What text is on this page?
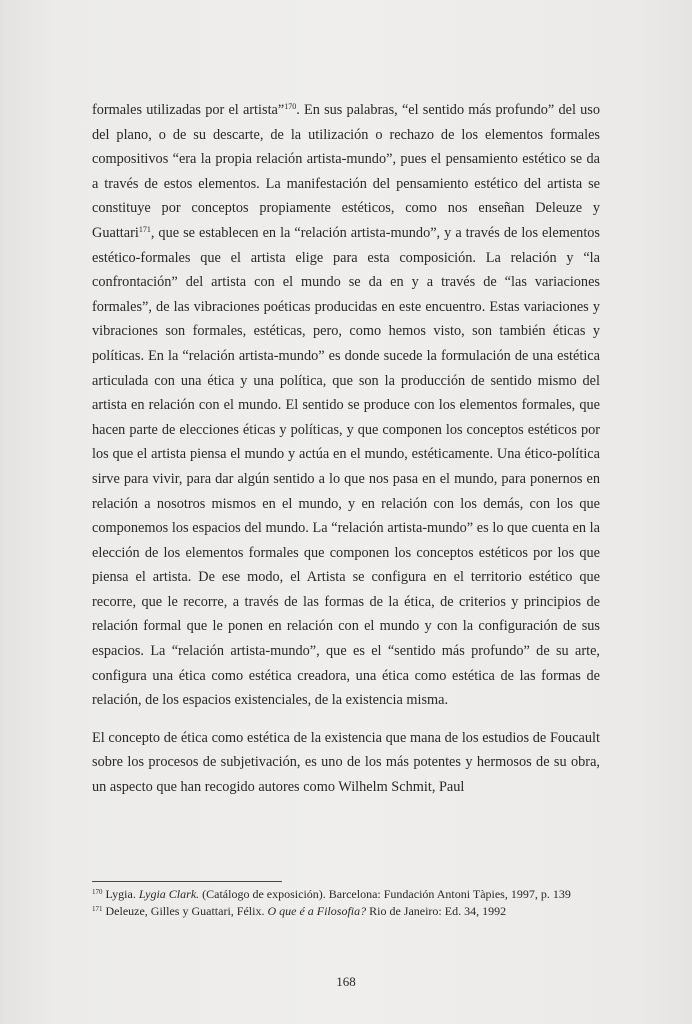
formales utilizadas por el artista”$^{170}$. En sus palabras, “el sentido más profundo” del uso del plano, o de su descarte, de la utilización o rechazo de los elementos formales compositivos “era la propia relación artista-mundo”, pues el pensamiento estético se da a través de estos elementos. La manifestación del pensamiento estético del artista se constituye por conceptos propiamente estéticos, como nos enseñan Deleuze y Guattari$^{171}$, que se establecen en la “relación artista-mundo”, y a través de los elementos estético-formales que el artista elige para esta composición. La relación y “la confrontación” del artista con el mundo se da en y a través de “las variaciones formales”, de las vibraciones poéticas producidas en este encuentro. Estas variaciones y vibraciones son formales, estéticas, pero, como hemos visto, son también éticas y políticas. En la “relación artista-mundo” es donde sucede la formulación de una estética articulada con una ética y una política, que son la producción de sentido mismo del artista en relación con el mundo. El sentido se produce con los elementos formales, que hacen parte de elecciones éticas y políticas, y que componen los conceptos estéticos por los que el artista piensa el mundo y actúa en el mundo, estéticamente. Una ético-política sirve para vivir, para dar algún sentido a lo que nos pasa en el mundo, para ponernos en relación a nosotros mismos en el mundo, y en relación con los demás, con los que componemos los espacios del mundo. La “relación artista-mundo” es lo que cuenta en la elección de los elementos formales que componen los conceptos estéticos por los que piensa el artista. De ese modo, el Artista se configura en el territorio estético que recorre, que le recorre, a través de las formas de la ética, de criterios y principios de relación formal que le ponen en relación con el mundo y con la configuración de sus espacios. La “relación artista-mundo”, que es el “sentido más profundo” de su arte, configura una ética como estética creadora, una ética como estética de las formas de relación, de los espacios existenciales, de la existencia misma.

El concepto de ética como estética de la existencia que mana de los estudios de Foucault sobre los procesos de subjetivación, es uno de los más potentes y hermosos de su obra, un aspecto que han recogido autores como Wilhelm Schmit, Paul

$^{170}$ Lygia. Lygia Clark. (Catálogo de exposición). Barcelona: Fundación Antoni Tàpies, 1997, p. 139
$^{171}$ Deleuze, Gilles y Guattari, Félix. O que é a Filosofia? Rio de Janeiro: Ed. 34, 1992
168
